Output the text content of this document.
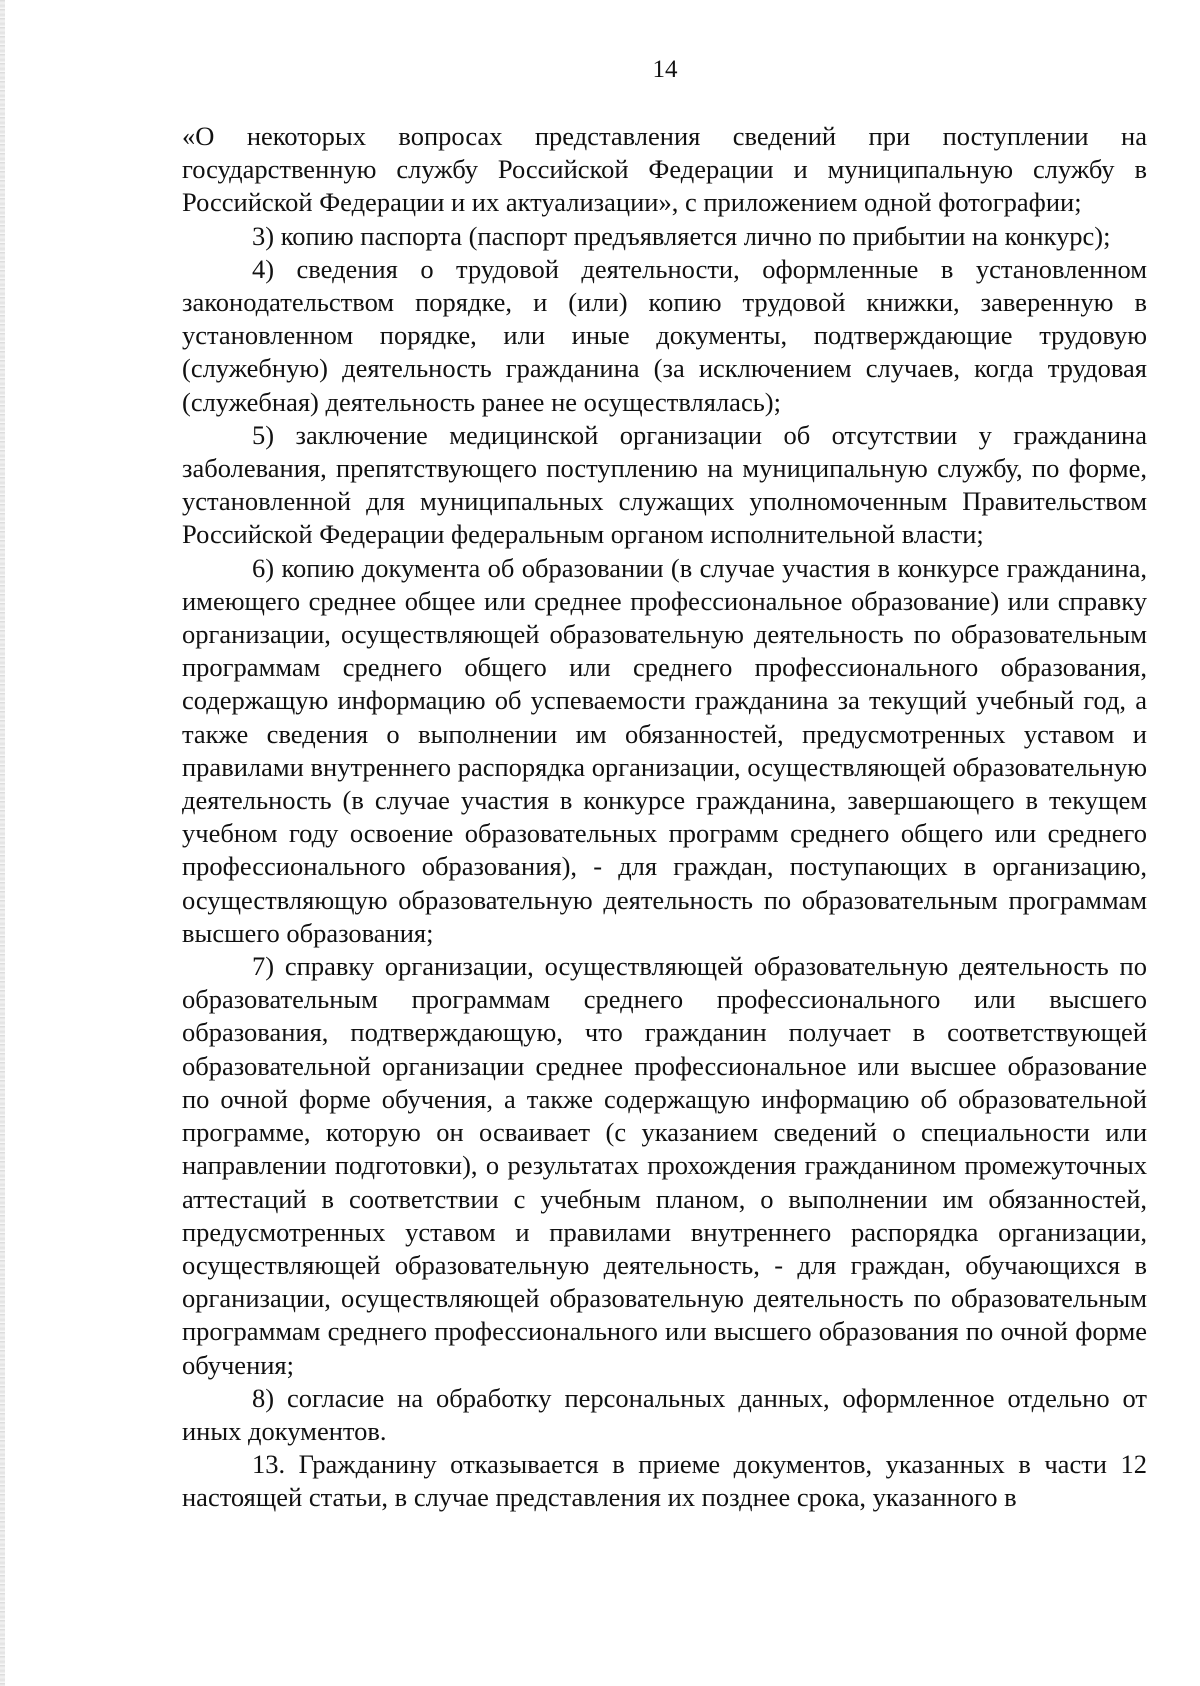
14

«О некоторых вопросах представления сведений при поступлении на государственную службу Российской Федерации и муниципальную службу в Российской Федерации и их актуализации», с приложением одной фотографии;

3) копию паспорта (паспорт предъявляется лично по прибытии на конкурс);

4) сведения о трудовой деятельности, оформленные в установленном законодательством порядке, и (или) копию трудовой книжки, заверенную в установленном порядке, или иные документы, подтверждающие трудовую (служебную) деятельность гражданина (за исключением случаев, когда трудовая (служебная) деятельность ранее не осуществлялась);

5) заключение медицинской организации об отсутствии у гражданина заболевания, препятствующего поступлению на муниципальную службу, по форме, установленной для муниципальных служащих уполномоченным Правительством Российской Федерации федеральным органом исполнительной власти;

6) копию документа об образовании (в случае участия в конкурсе гражданина, имеющего среднее общее или среднее профессиональное образование) или справку организации, осуществляющей образовательную деятельность по образовательным программам среднего общего или среднего профессионального образования, содержащую информацию об успеваемости гражданина за текущий учебный год, а также сведения о выполнении им обязанностей, предусмотренных уставом и правилами внутреннего распорядка организации, осуществляющей образовательную деятельность (в случае участия в конкурсе гражданина, завершающего в текущем учебном году освоение образовательных программ среднего общего или среднего профессионального образования), - для граждан, поступающих в организацию, осуществляющую образовательную деятельность по образовательным программам высшего образования;

7) справку организации, осуществляющей образовательную деятельность по образовательным программам среднего профессионального или высшего образования, подтверждающую, что гражданин получает в соответствующей образовательной организации среднее профессиональное или высшее образование по очной форме обучения, а также содержащую информацию об образовательной программе, которую он осваивает (с указанием сведений о специальности или направлении подготовки), о результатах прохождения гражданином промежуточных аттестаций в соответствии с учебным планом, о выполнении им обязанностей, предусмотренных уставом и правилами внутреннего распорядка организации, осуществляющей образовательную деятельность, - для граждан, обучающихся в организации, осуществляющей образовательную деятельность по образовательным программам среднего профессионального или высшего образования по очной форме обучения;

8) согласие на обработку персональных данных, оформленное отдельно от иных документов.

13. Гражданину отказывается в приеме документов, указанных в части 12 настоящей статьи, в случае представления их позднее срока, указанного в
